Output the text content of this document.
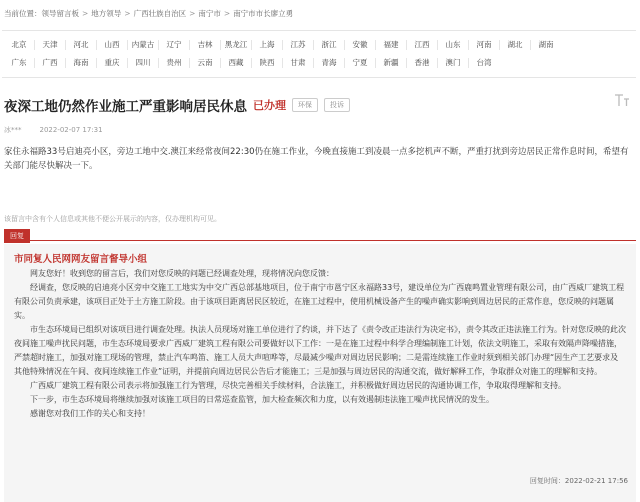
当前位置：领导留言板 > 地方领导 > 广西壮族自治区 > 南宁市 > 南宁市市长廖立勇
北京	天津	河北	山西	内蒙古	辽宁	吉林	黑龙江	上海	江苏	浙江	安徽	福建	江西	山东	河南	湖北	湖南
广东	广西	海南	重庆	四川	贵州	云南	西藏	陕西	甘肃	青海	宁夏	新疆	香港	澳门	台湾
夜深工地仍然作业施工严重影响居民休息 已办理	环保	投诉
冰***	2022-02-07 17:31
家住永福路33号启迪亮小区，旁边工地中交.澳江来经常夜间22:30仍在施工作业，今晚直接施工到凌晨一点多挖机声不断，严重打扰到旁边居民正常作息时间，希望有关部门能尽快解决一下。
该留言中含有个人信息或其他不便公开展示的内容，仅办理机构可见。
回复
市同复人民网网友留言督导小组

网友您好！收到您的留言后，我们对您反映的问题已经调查处理，现将情况向您反馈：

经调查，您反映的启迪亮小区旁中交施工工地实为中交广西总部基地项目，位于南宁市邕宁区永福路33号，建设单位为广西鹿鸣置业管理有限公司，由广西威厂建筑工程有限公司负责承建，该项目正处于土方施工阶段。由于该项目距离居民区较近，在施工过程中，使用机械设备产生的噪声确实影响到周边居民的正常作息，您反映的问题属实。

市生态环境局已组织对该项目进行调查处理。执法人员现场对施工单位进行了约谈，并下达了《责令改正违法行为决定书》，责令其改正违法施工行为。针对您反映的此次夜间施工噪声扰民问题，市生态环境局要求广西威厂建筑工程有限公司要做好以下工作：一是在施工过程中科学合理编制施工计划，依法文明施工，采取有效隔声降噪措施，严禁超时施工，加强对施工现场的管理，禁止汽车鸣笛、施工人员大声喧哗等，尽最减少噪声对周边居民影响；二是需连续施工作业时须到相关部门办理“因生产工艺要求及其他特殊情况在午间、夜间连续施工作业”证明，并提前向周边居民公告后才能施工；三是加强与周边居民的沟通交流，做好解释工作，争取群众对施工的理解和支持。

广西威厂建筑工程有限公司表示将加强施工行为管理，尽快完善相关手续材料，合法施工，并积极做好周边居民的沟通协调工作，争取取得理解和支持。

下一步，市生态环境局将继续加强对该施工项目的日常巡查监管，加大检查频次和力度，以有效遏制违法施工噪声扰民情况的发生。

感谢您对我们工作的关心和支持！

回复时间：2022-02-21 17:56
